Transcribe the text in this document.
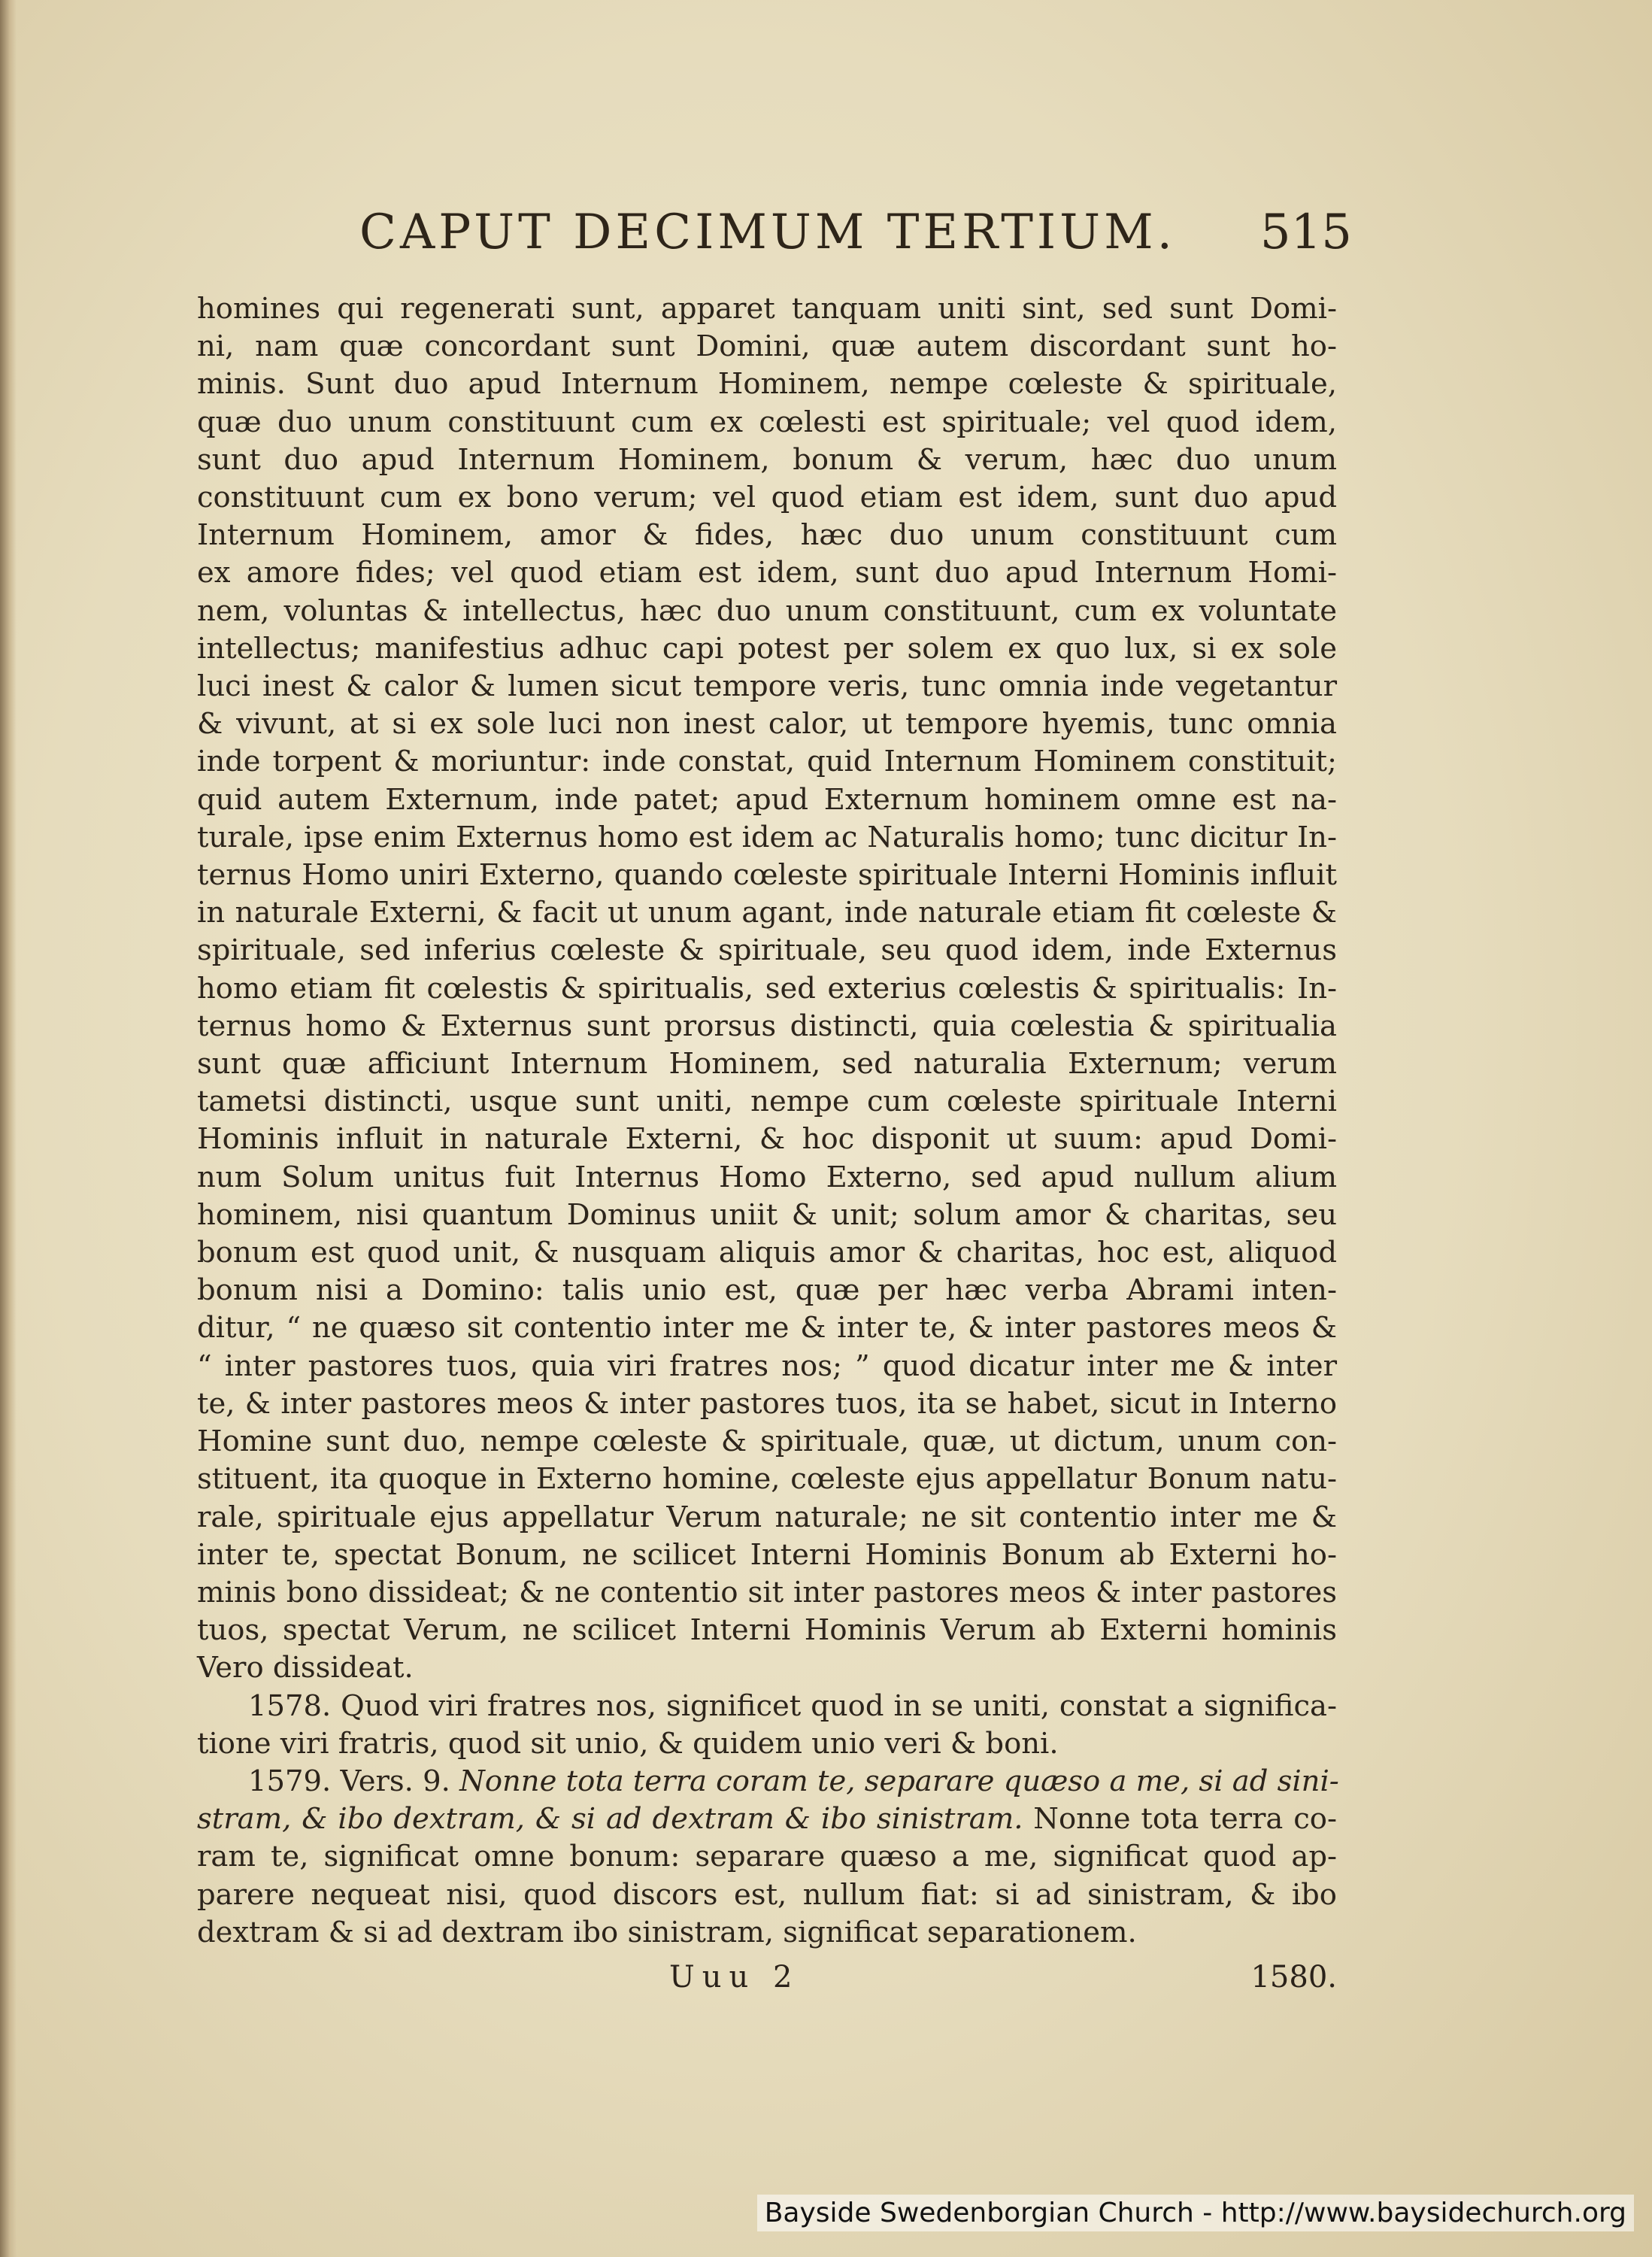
CAPUT DECIMUM TERTIUM. 515
homines qui regenerati sunt, apparet tanquam uniti sint, sed sunt Domi-
ni, nam quæ concordant sunt Domini, quæ autem discordant sunt ho-
minis. Sunt duo apud Internum Hominem, nempe cœleste & spirituale,
quæ duo unum constituunt cum ex cœlesti est spirituale; vel quod idem,
sunt duo apud Internum Hominem, bonum & verum, hæc duo unum
constituunt cum ex bono verum; vel quod etiam est idem, sunt duo apud
Internum Hominem, amor & fides, hæc duo unum constituunt cum
ex amore fides; vel quod etiam est idem, sunt duo apud Internum Homi-
nem, voluntas & intellectus, hæc duo unum constituunt, cum ex voluntate
intellectus; manifestius adhuc capi potest per solem ex quo lux, si ex sole
luci inest & calor & lumen sicut tempore veris, tunc omnia inde vegetantur
& vivunt, at si ex sole luci non inest calor, ut tempore hyemis, tunc omnia
inde torpent & moriuntur: inde constat, quid Internum Hominem constituit;
quid autem Externum, inde patet; apud Externum hominem omne est na-
turale, ipse enim Externus homo est idem ac Naturalis homo; tunc dicitur In-
ternus Homo uniri Externo, quando cœleste spirituale Interni Hominis influit
in naturale Externi, & facit ut unum agant, inde naturale etiam fit cœleste &
spirituale, sed inferius cœleste & spirituale, seu quod idem, inde Externus
homo etiam fit cœlestis & spiritualis, sed exterius cœlestis & spiritualis: In-
ternus homo & Externus sunt prorsus distincti, quia cœlestia & spiritualia
sunt quæ afficiunt Internum Hominem, sed naturalia Externum; verum
tametsi distincti, usque sunt uniti, nempe cum cœleste spirituale Interni
Hominis influit in naturale Externi, & hoc disponit ut suum: apud Domi-
num Solum unitus fuit Internus Homo Externo, sed apud nullum alium
hominem, nisi quantum Dominus uniit & unit; solum amor & charitas, seu
bonum est quod unit, & nusquam aliquis amor & charitas, hoc est, aliquod
bonum nisi a Domino: talis unio est, quæ per hæc verba Abrami inten-
ditur, “ ne quæso sit contentio inter me & inter te, & inter pastores meos &
“ inter pastores tuos, quia viri fratres nos; ” quod dicatur inter me & inter
te, & inter pastores meos & inter pastores tuos, ita se habet, sicut in Interno
Homine sunt duo, nempe cœleste & spirituale, quæ, ut dictum, unum con-
stituent, ita quoque in Externo homine, cœleste ejus appellatur Bonum natu-
rale, spirituale ejus appellatur Verum naturale; ne sit contentio inter me &
inter te, spectat Bonum, ne scilicet Interni Hominis Bonum ab Externi ho-
minis bono dissideat; & ne contentio sit inter pastores meos & inter pastores
tuos, spectat Verum, ne scilicet Interni Hominis Verum ab Externi hominis
Vero dissideat.
1578. Quod viri fratres nos, significet quod in se uniti, constat a significa-
tione viri fratris, quod sit unio, & quidem unio veri & boni.
1579. Vers. 9. Nonne tota terra coram te, separare quæso a me, si ad sini-
stram, & ibo dextram, & si ad dextram & ibo sinistram. Nonne tota terra co-
ram te, significat omne bonum: separare quæso a me, significat quod ap-
parere nequeat nisi, quod discors est, nullum fiat: si ad sinistram, & ibo
dextram & si ad dextram ibo sinistram, significat separationem.
Uuu 2	1580.
Bayside Swedenborgian Church - http://www.baysidechurch.org
